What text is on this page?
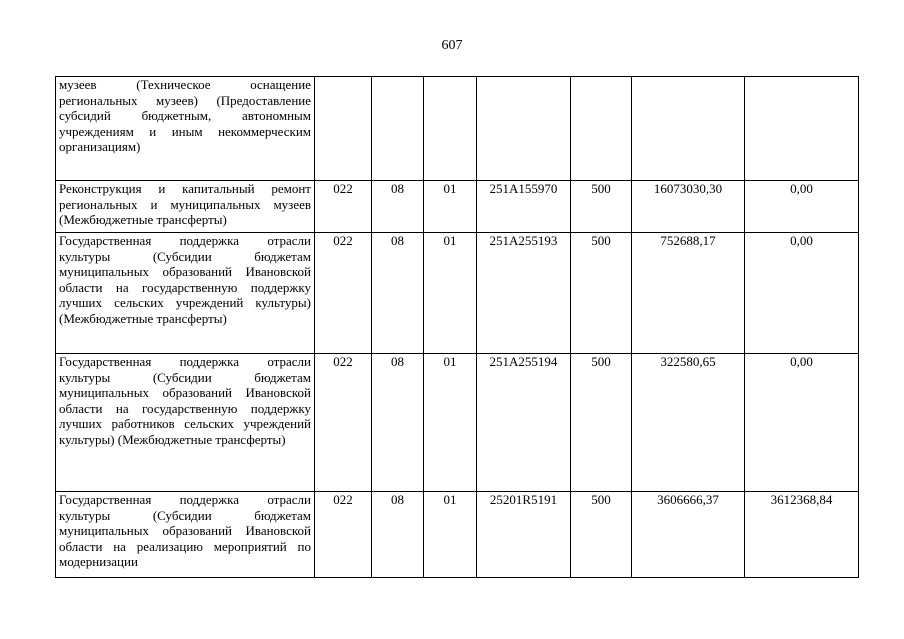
607
музеев (Техническое оснащение региональных музеев) (Предоставление субсидий бюджетным, автономным учреждениям и иным некоммерческим организациям)							
Реконструкция и капитальный ремонт региональных и муниципальных музеев (Межбюджетные трансферты)	022	08	01	251А155970	500	16073030,30	0,00
Государственная поддержка отрасли культуры (Субсидии бюджетам муниципальных образований Ивановской области на государственную поддержку лучших сельских учреждений культуры) (Межбюджетные трансферты)	022	08	01	251А255193	500	752688,17	0,00
Государственная поддержка отрасли культуры (Субсидии бюджетам муниципальных образований Ивановской области на государственную поддержку лучших работников сельских учреждений культуры) (Межбюджетные трансферты)	022	08	01	251А255194	500	322580,65	0,00
Государственная поддержка отрасли культуры (Субсидии бюджетам муниципальных образований Ивановской области на реализацию мероприятий по модернизации	022	08	01	25201R5191	500	3606666,37	3612368,84
